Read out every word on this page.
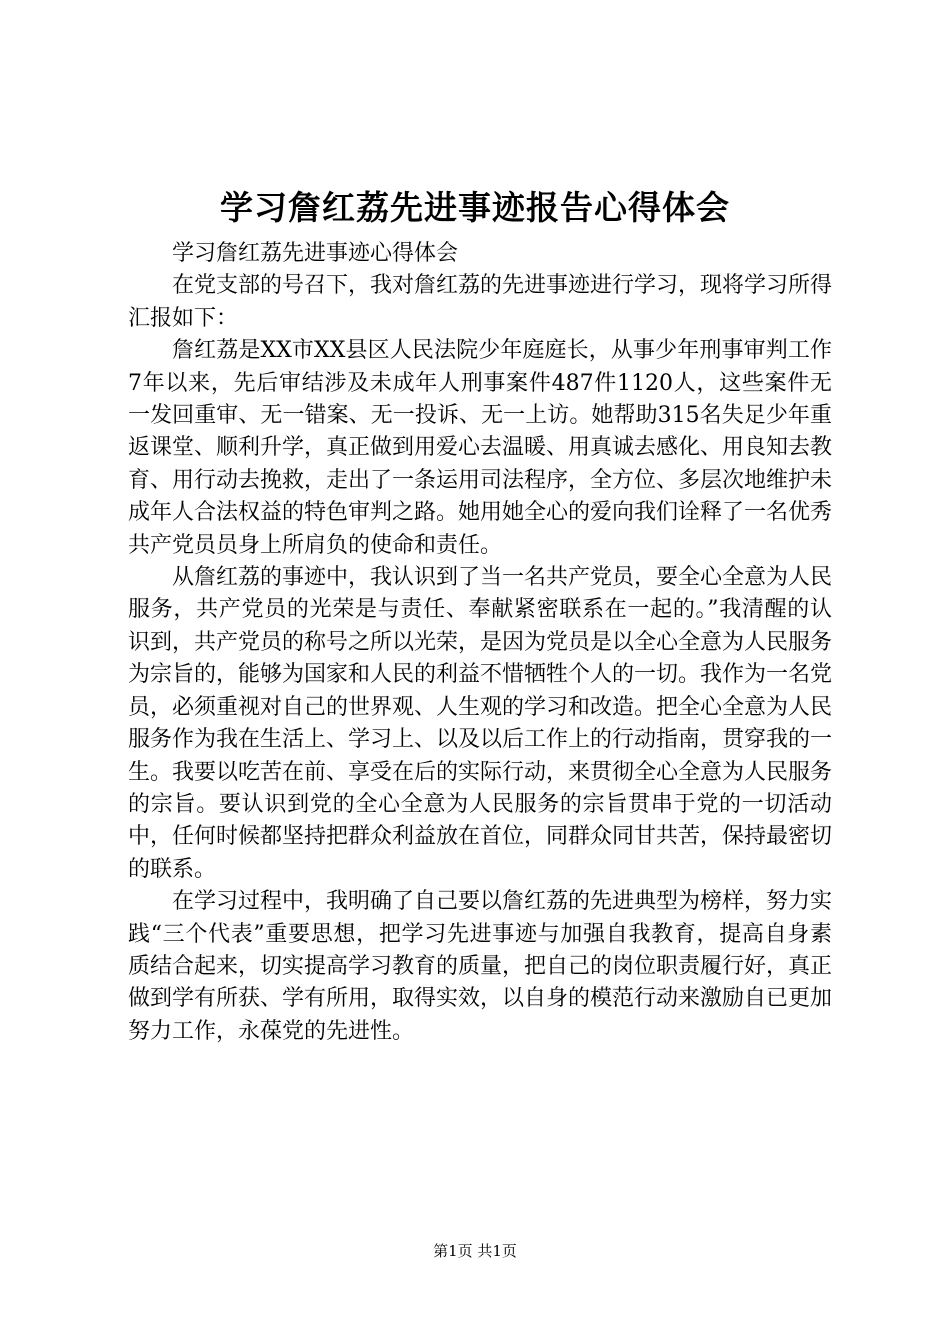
学习詹红荔先进事迹报告心得体会

学习詹红荔先进事迹心得体会

在党支部的号召下，我对詹红荔的先进事迹进行学习，现将学习所得汇报如下：

詹红荔是XX市XX县区人民法院少年庭庭长，从事少年刑事审判工作7年以来，先后审结涉及未成年人刑事案件487件1120人，这些案件无一发回重审、无一错案、无一投诉、无一上访。她帮助315名失足少年重返课堂、顺利升学，真正做到用爱心去温暖、用真诚去感化、用良知去教育、用行动去挽救，走出了一条运用司法程序，全方位、多层次地维护未成年人合法权益的特色审判之路。她用她全心的爱向我们诠释了一名优秀共产党员员身上所肩负的使命和责任。

从詹红荔的事迹中，我认识到了当一名共产党员，要全心全意为人民服务，共产党员的光荣是与责任、奉献紧密联系在一起的。”我清醒的认识到，共产党员的称号之所以光荣，是因为党员是以全心全意为人民服务为宗旨的，能够为国家和人民的利益不惜牺牲个人的一切。我作为一名党员，必须重视对自己的世界观、人生观的学习和改造。把全心全意为人民服务作为我在生活上、学习上、以及以后工作上的行动指南，贯穿我的一生。我要以吃苦在前、享受在后的实际行动，来贯彻全心全意为人民服务的宗旨。要认识到党的全心全意为人民服务的宗旨贯串于党的一切活动中，任何时候都坚持把群众利益放在首位，同群众同甘共苦，保持最密切的联系。

在学习过程中，我明确了自己要以詹红荔的先进典型为榜样，努力实践“三个代表”重要思想，把学习先进事迹与加强自我教育，提高自身素质结合起来，切实提高学习教育的质量，把自己的岗位职责履行好，真正做到学有所获、学有所用，取得实效，以自身的模范行动来激励自已更加努力工作，永葆党的先进性。

第1页 共1页
